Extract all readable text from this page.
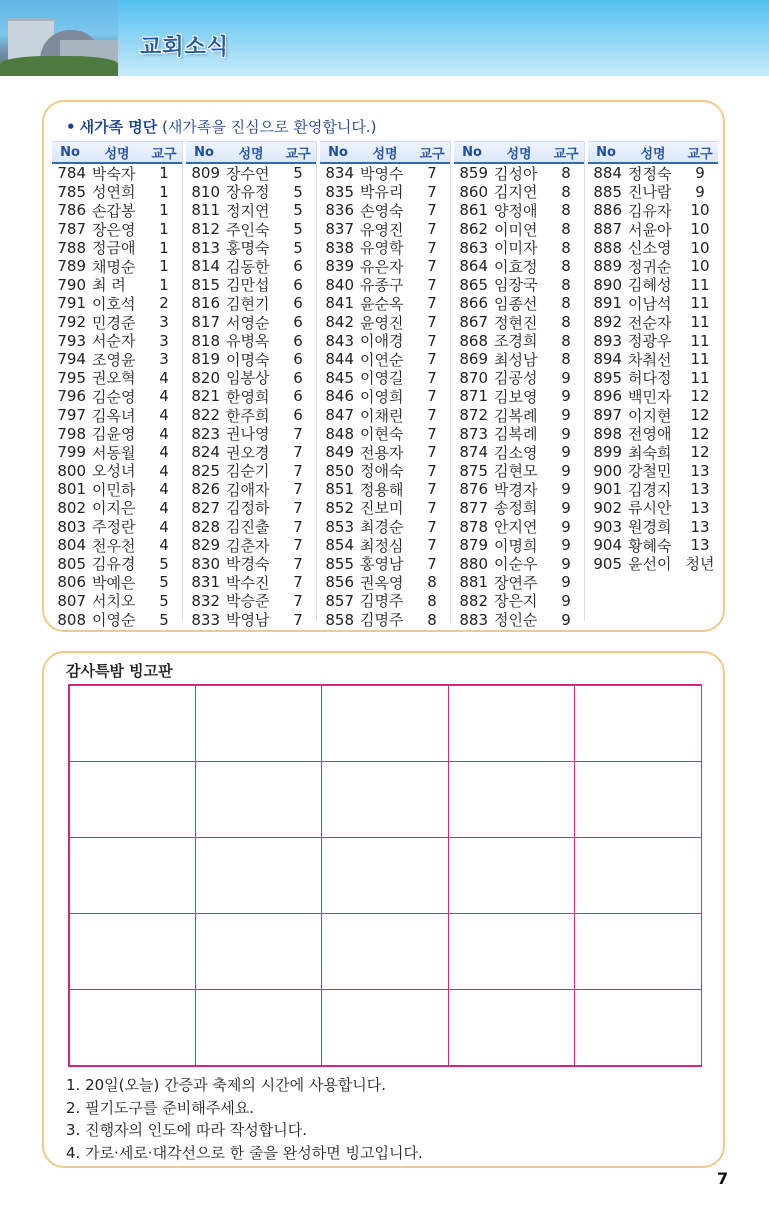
교회소식
• 새가족 명단 (새가족을 진심으로 환영합니다.)
No	성명	교구
784 박숙자	1
785 성연희	1
786 손갑봉	1
787 장은영	1
788 정금애	1
789 채명순	1
790 최 려	1
791 이호석	2
792 민경준	3
793 서순자	3
794 조영윤	3
795 권오혁	4
796 김순영	4
797 김옥녀	4
798 김윤영	4
799 서동월	4
800 오성녀	4
801 이민하	4
802 이지은	4
803 주정란	4
804 천우천	4
805 김유경	5
806 박예은	5
807 서치오	5
808 이영순	5
No	성명	교구
809 장수연	5
810 장유정	5
811 정지연	5
812 주인숙	5
813 홍명숙	5
814 김동한	6
815 김만섭	6
816 김현기	6
817 서영순	6
818 유병옥	6
819 이명숙	6
820 임봉상	6
821 한영희	6
822 한주희	6
823 권나영	7
824 권오경	7
825 김순기	7
826 김애자	7
827 김정하	7
828 김진출	7
829 김춘자	7
830 박경숙	7
831 박수진	7
832 박승준	7
833 박영남	7
No	성명	교구
834 박영수	7
835 박유리	7
836 손영숙	7
837 유영진	7
838 유영학	7
839 유은자	7
840 유종구	7
841 윤순옥	7
842 윤영진	7
843 이애경	7
844 이연순	7
845 이영길	7
846 이영희	7
847 이채린	7
848 이현숙	7
849 전용자	7
850 정애숙	7
851 정용해	7
852 진보미	7
853 최경순	7
854 최정심	7
855 홍영남	7
856 권옥영	8
857 김명주	8
858 김명주	8
No	성명	교구
859 김성아	8
860 김지연	8
861 양정애	8
862 이미연	8
863 이미자	8
864 이효정	8
865 임장국	8
866 임종선	8
867 정현진	8
868 조경희	8
869 최성남	8
870 김공성	9
871 김보영	9
872 김복례	9
873 김복례	9
874 김소영	9
875 김현모	9
876 박경자	9
877 송정희	9
878 안지연	9
879 이명희	9
880 이순우	9
881 장연주	9
882 장은지	9
883 정인순	9
No	성명	교구
884 정정숙	9
885 진나람	9
886 김유자	10
887 서윤아	10
888 신소영	10
889 정귀순	10
890 김혜성	11
891 이남석	11
892 전순자	11
893 정광우	11
894 차춰선	11
895 허다정	11
896 백민자	12
897 이지현	12
898 전영애	12
899 최숙희	12
900 강철민	13
901 김경지	13
902 류시안	13
903 원경희	13
904 황혜숙	13
905 윤선이 청년
감사특밤 빙고판
1. 20일(오늘) 간증과 축제의 시간에 사용합니다.
2. 필기도구를 준비해주세요.
3. 진행자의 인도에 따라 작성합니다.
4. 가로·세로·대각선으로 한 줄을 완성하면 빙고입니다.
7
